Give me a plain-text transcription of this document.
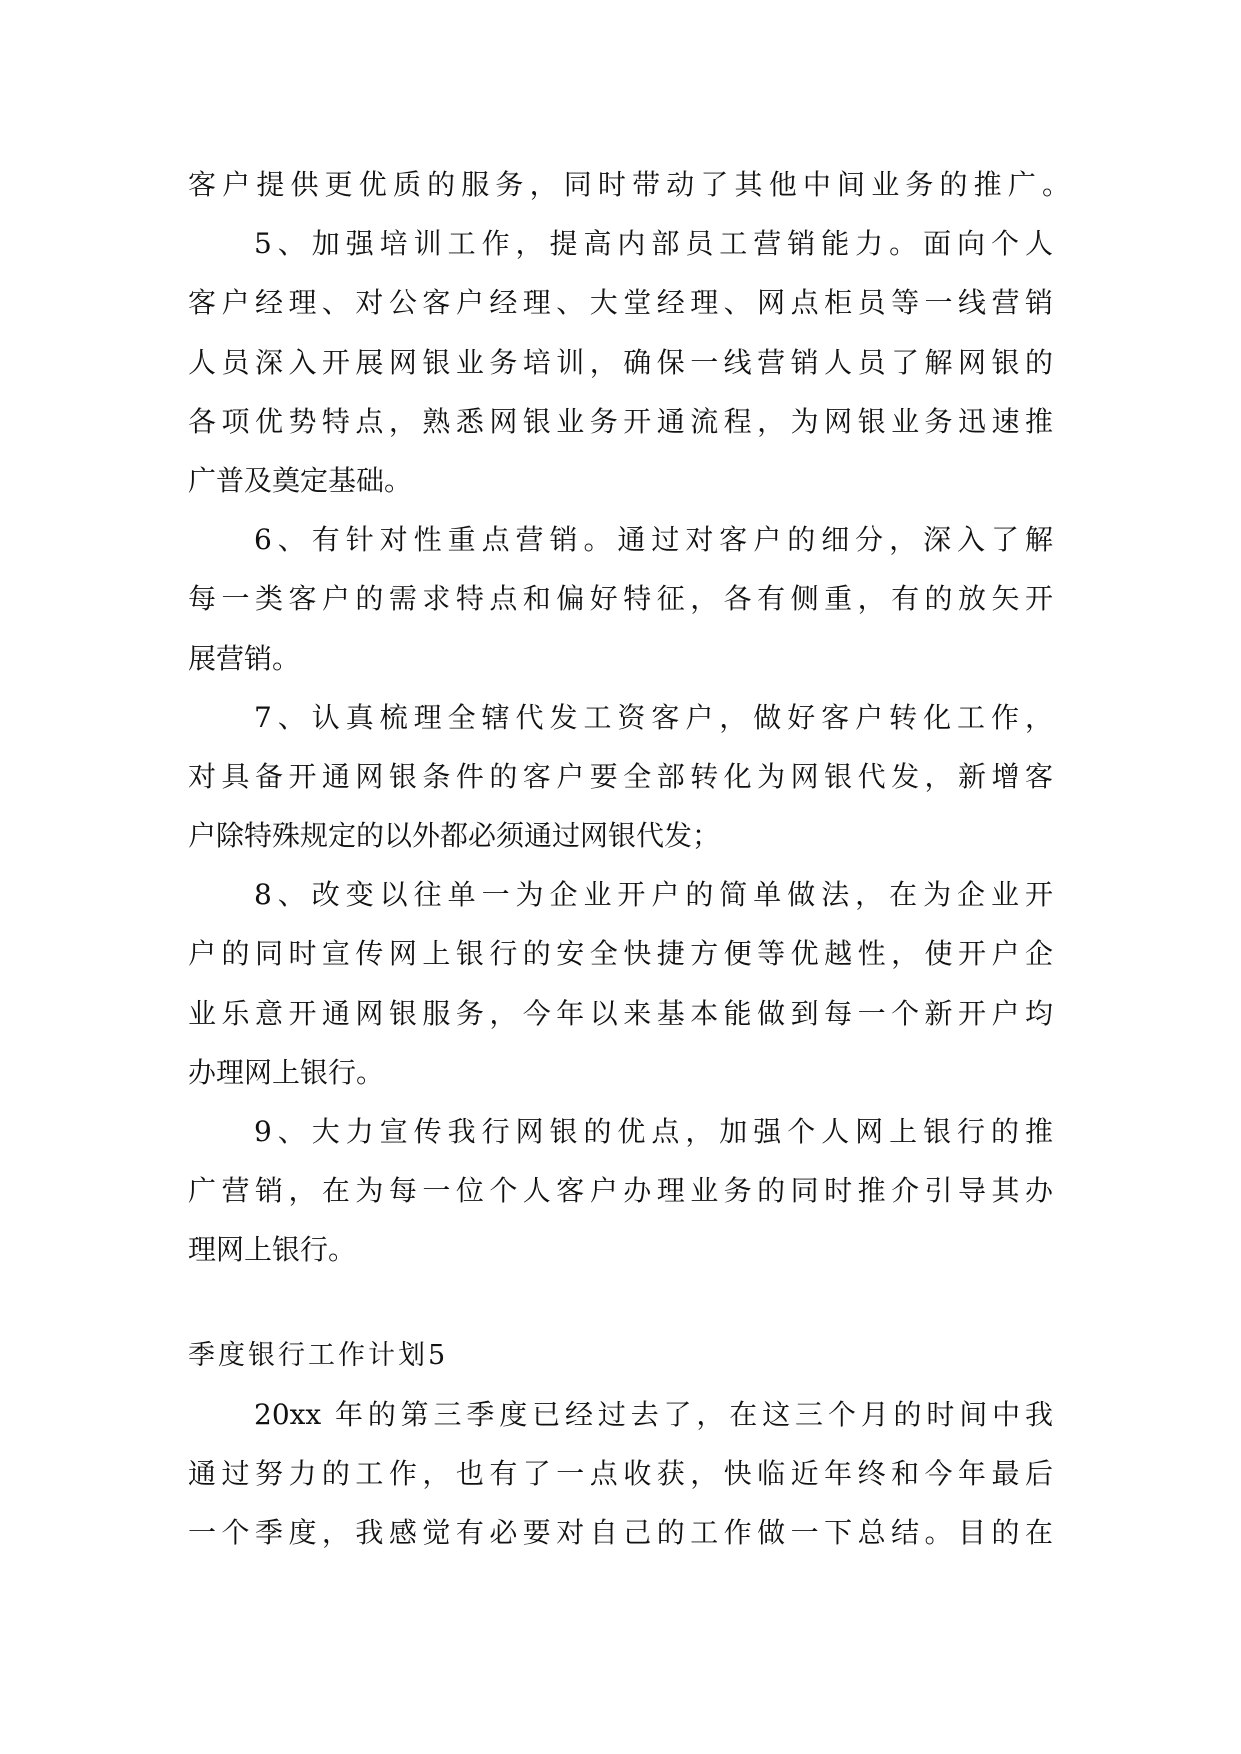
客户提供更优质的服务，同时带动了其他中间业务的推广。
5、加强培训工作，提高内部员工营销能力。面向个人
客户经理、对公客户经理、大堂经理、网点柜员等一线营销
人员深入开展网银业务培训，确保一线营销人员了解网银的
各项优势特点，熟悉网银业务开通流程，为网银业务迅速推
广普及奠定基础。
6、有针对性重点营销。通过对客户的细分，深入了解
每一类客户的需求特点和偏好特征，各有侧重，有的放矢开
展营销。
7、认真梳理全辖代发工资客户，做好客户转化工作，
对具备开通网银条件的客户要全部转化为网银代发，新增客
户除特殊规定的以外都必须通过网银代发；
8、改变以往单一为企业开户的简单做法，在为企业开
户的同时宣传网上银行的安全快捷方便等优越性，使开户企
业乐意开通网银服务，今年以来基本能做到每一个新开户均
办理网上银行。
9、大力宣传我行网银的优点，加强个人网上银行的推
广营销，在为每一位个人客户办理业务的同时推介引导其办
理网上银行。
季度银行工作计划5
20xx 年的第三季度已经过去了，在这三个月的时间中我
通过努力的工作，也有了一点收获，快临近年终和今年最后
一个季度，我感觉有必要对自己的工作做一下总结。目的在
